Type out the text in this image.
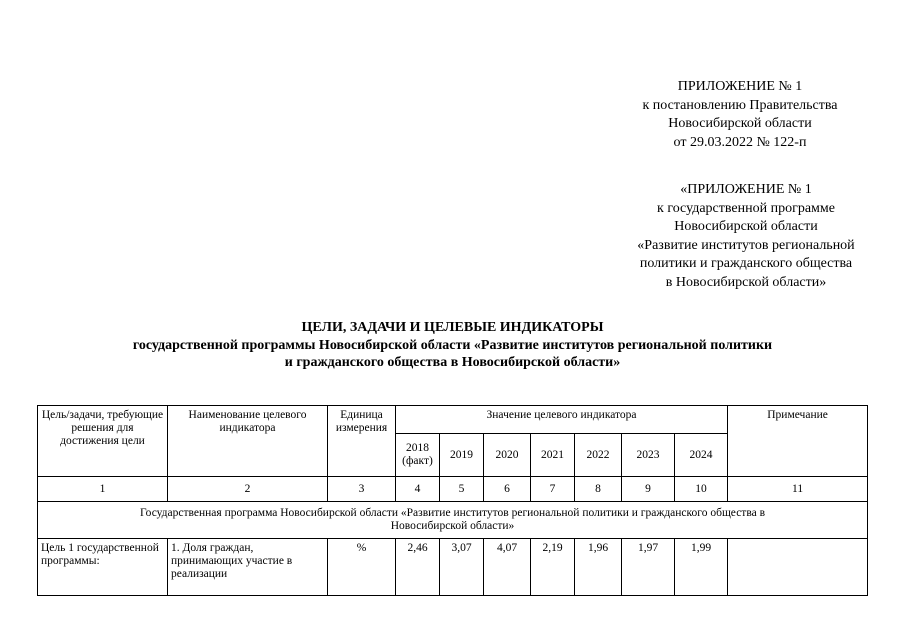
ПРИЛОЖЕНИЕ № 1
к постановлению Правительства
Новосибирской области
от 29.03.2022 № 122-п
«ПРИЛОЖЕНИЕ № 1
к государственной программе
Новосибирской области
«Развитие институтов региональной
политики и гражданского общества
в Новосибирской области»
ЦЕЛИ, ЗАДАЧИ И ЦЕЛЕВЫЕ ИНДИКАТОРЫ
государственной программы Новосибирской области «Развитие институтов региональной политики
и гражданского общества в Новосибирской области»
Цель/задачи, требующие решения для достижения цели	Наименование целевого индикатора	Единица измерения	Значение целевого индикатора							Примечание
			2018 (факт)	2019	2020	2021	2022	2023	2024	
1	2	3	4	5	6	7	8	9	10	11
Государственная программа Новосибирской области «Развитие институтов региональной политики и гражданского общества в Новосибирской области»										
Цель 1 государственной программы:	1. Доля граждан, принимающих участие в реализации	%	2,46	3,07	4,07	2,19	1,96	1,97	1,99	
